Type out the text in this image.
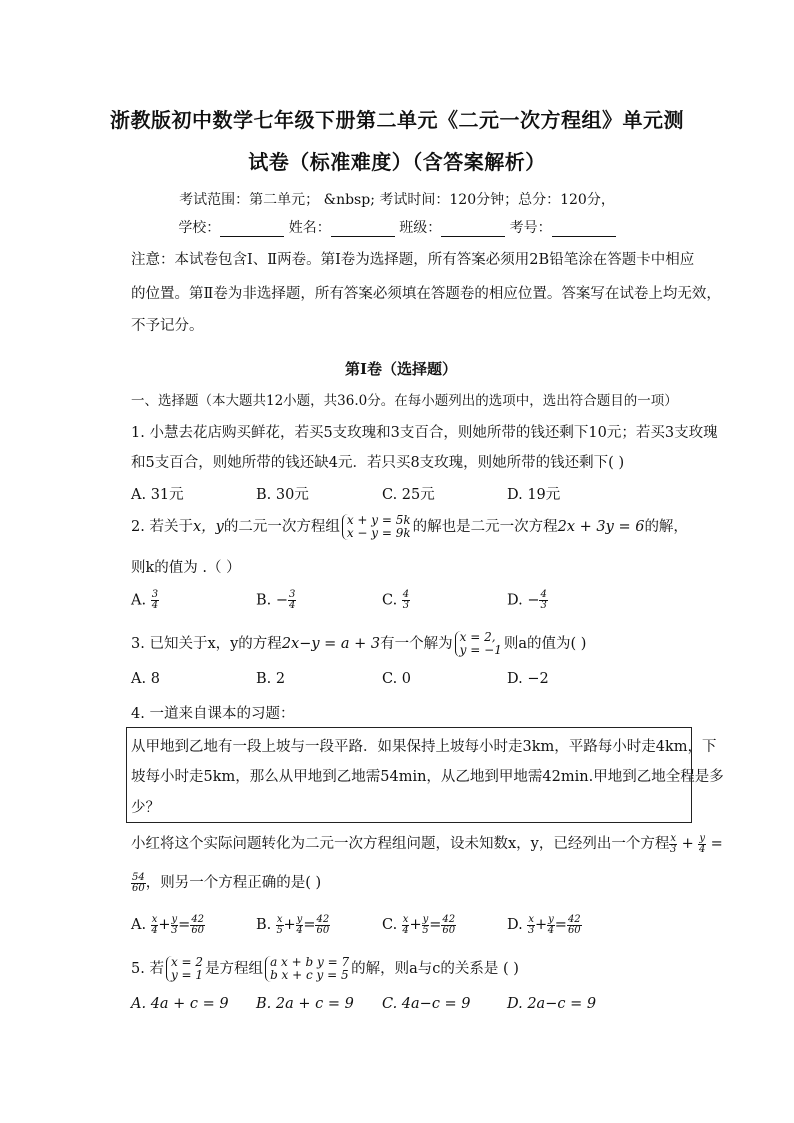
浙教版初中数学七年级下册第二单元《二元一次方程组》单元测
试卷（标准难度）（含答案解析）
考试范围：第二单元； &nbsp; 考试时间：120分钟；总分：120分，
学校：	姓名：	班级：	考号：
注意：本试卷包含Ⅰ、Ⅱ两卷。第Ⅰ卷为选择题，所有答案必须用2B铅笔涂在答题卡中相应
的位置。第Ⅱ卷为非选择题，所有答案必须填在答题卷的相应位置。答案写在试卷上均无效，
不予记分。
第Ⅰ卷（选择题）
一、选择题（本大题共12小题，共36.0分。在每小题列出的选项中，选出符合题目的一项）
1. 小慧去花店购买鲜花，若买5支玫瑰和3支百合，则她所带的钱还剩下10元；若买3支玫瑰
和5支百合，则她所带的钱还缺4元．若只买8支玫瑰，则她所带的钱还剩下( )
A. 31元	B. 30元	C. 25元	D. 19元
2. 若关于x，y的二元一次方程组 x + y = 5k
x − y = 9k 的解也是二元一次方程2x + 3y = 6的解，
则k的值为 .（ ）
A. $\frac{3}{4}$	B. − $\frac{3}{4}$	C. $\frac{4}{3}$	D. − $\frac{4}{3}$
3. 已知关于x，y的方程2x−y = a + 3有一个解为 x = 2,
y = −1 则a的值为( )
A. 8	B. 2	C. 0	D. −2
4. 一道来自课本的习题：
从甲地到乙地有一段上坡与一段平路．如果保持上坡每小时走3km，平路每小时走4km，下
坡每小时走5km，那么从甲地到乙地需54min，从乙地到甲地需42min.甲地到乙地全程是多
少？
小红将这个实际问题转化为二元一次方程组问题，设未知数x，y，已经列出一个方程 $\frac{x}{3} + \frac{y}{4}$ =
$\frac{54}{60}$ ，则另一个方程正确的是( )
A. $\frac{x}{4} + \frac{y}{3} = \frac{42}{60}$	B. $\frac{x}{5} + \frac{y}{4} = \frac{42}{60}$	C. $\frac{x}{4} + \frac{y}{5} = \frac{42}{60}$	D. $\frac{x}{3} + \frac{y}{4} = \frac{42}{60}$
5. 若 x = 2
y = 1 是方程组 a x + b y = 7
b x + c y = 5 的解，则a与c的关系是 ( )
A. 4a + c = 9 B. 2a + c = 9 C. 4a−c = 9	D. 2a−c = 9
